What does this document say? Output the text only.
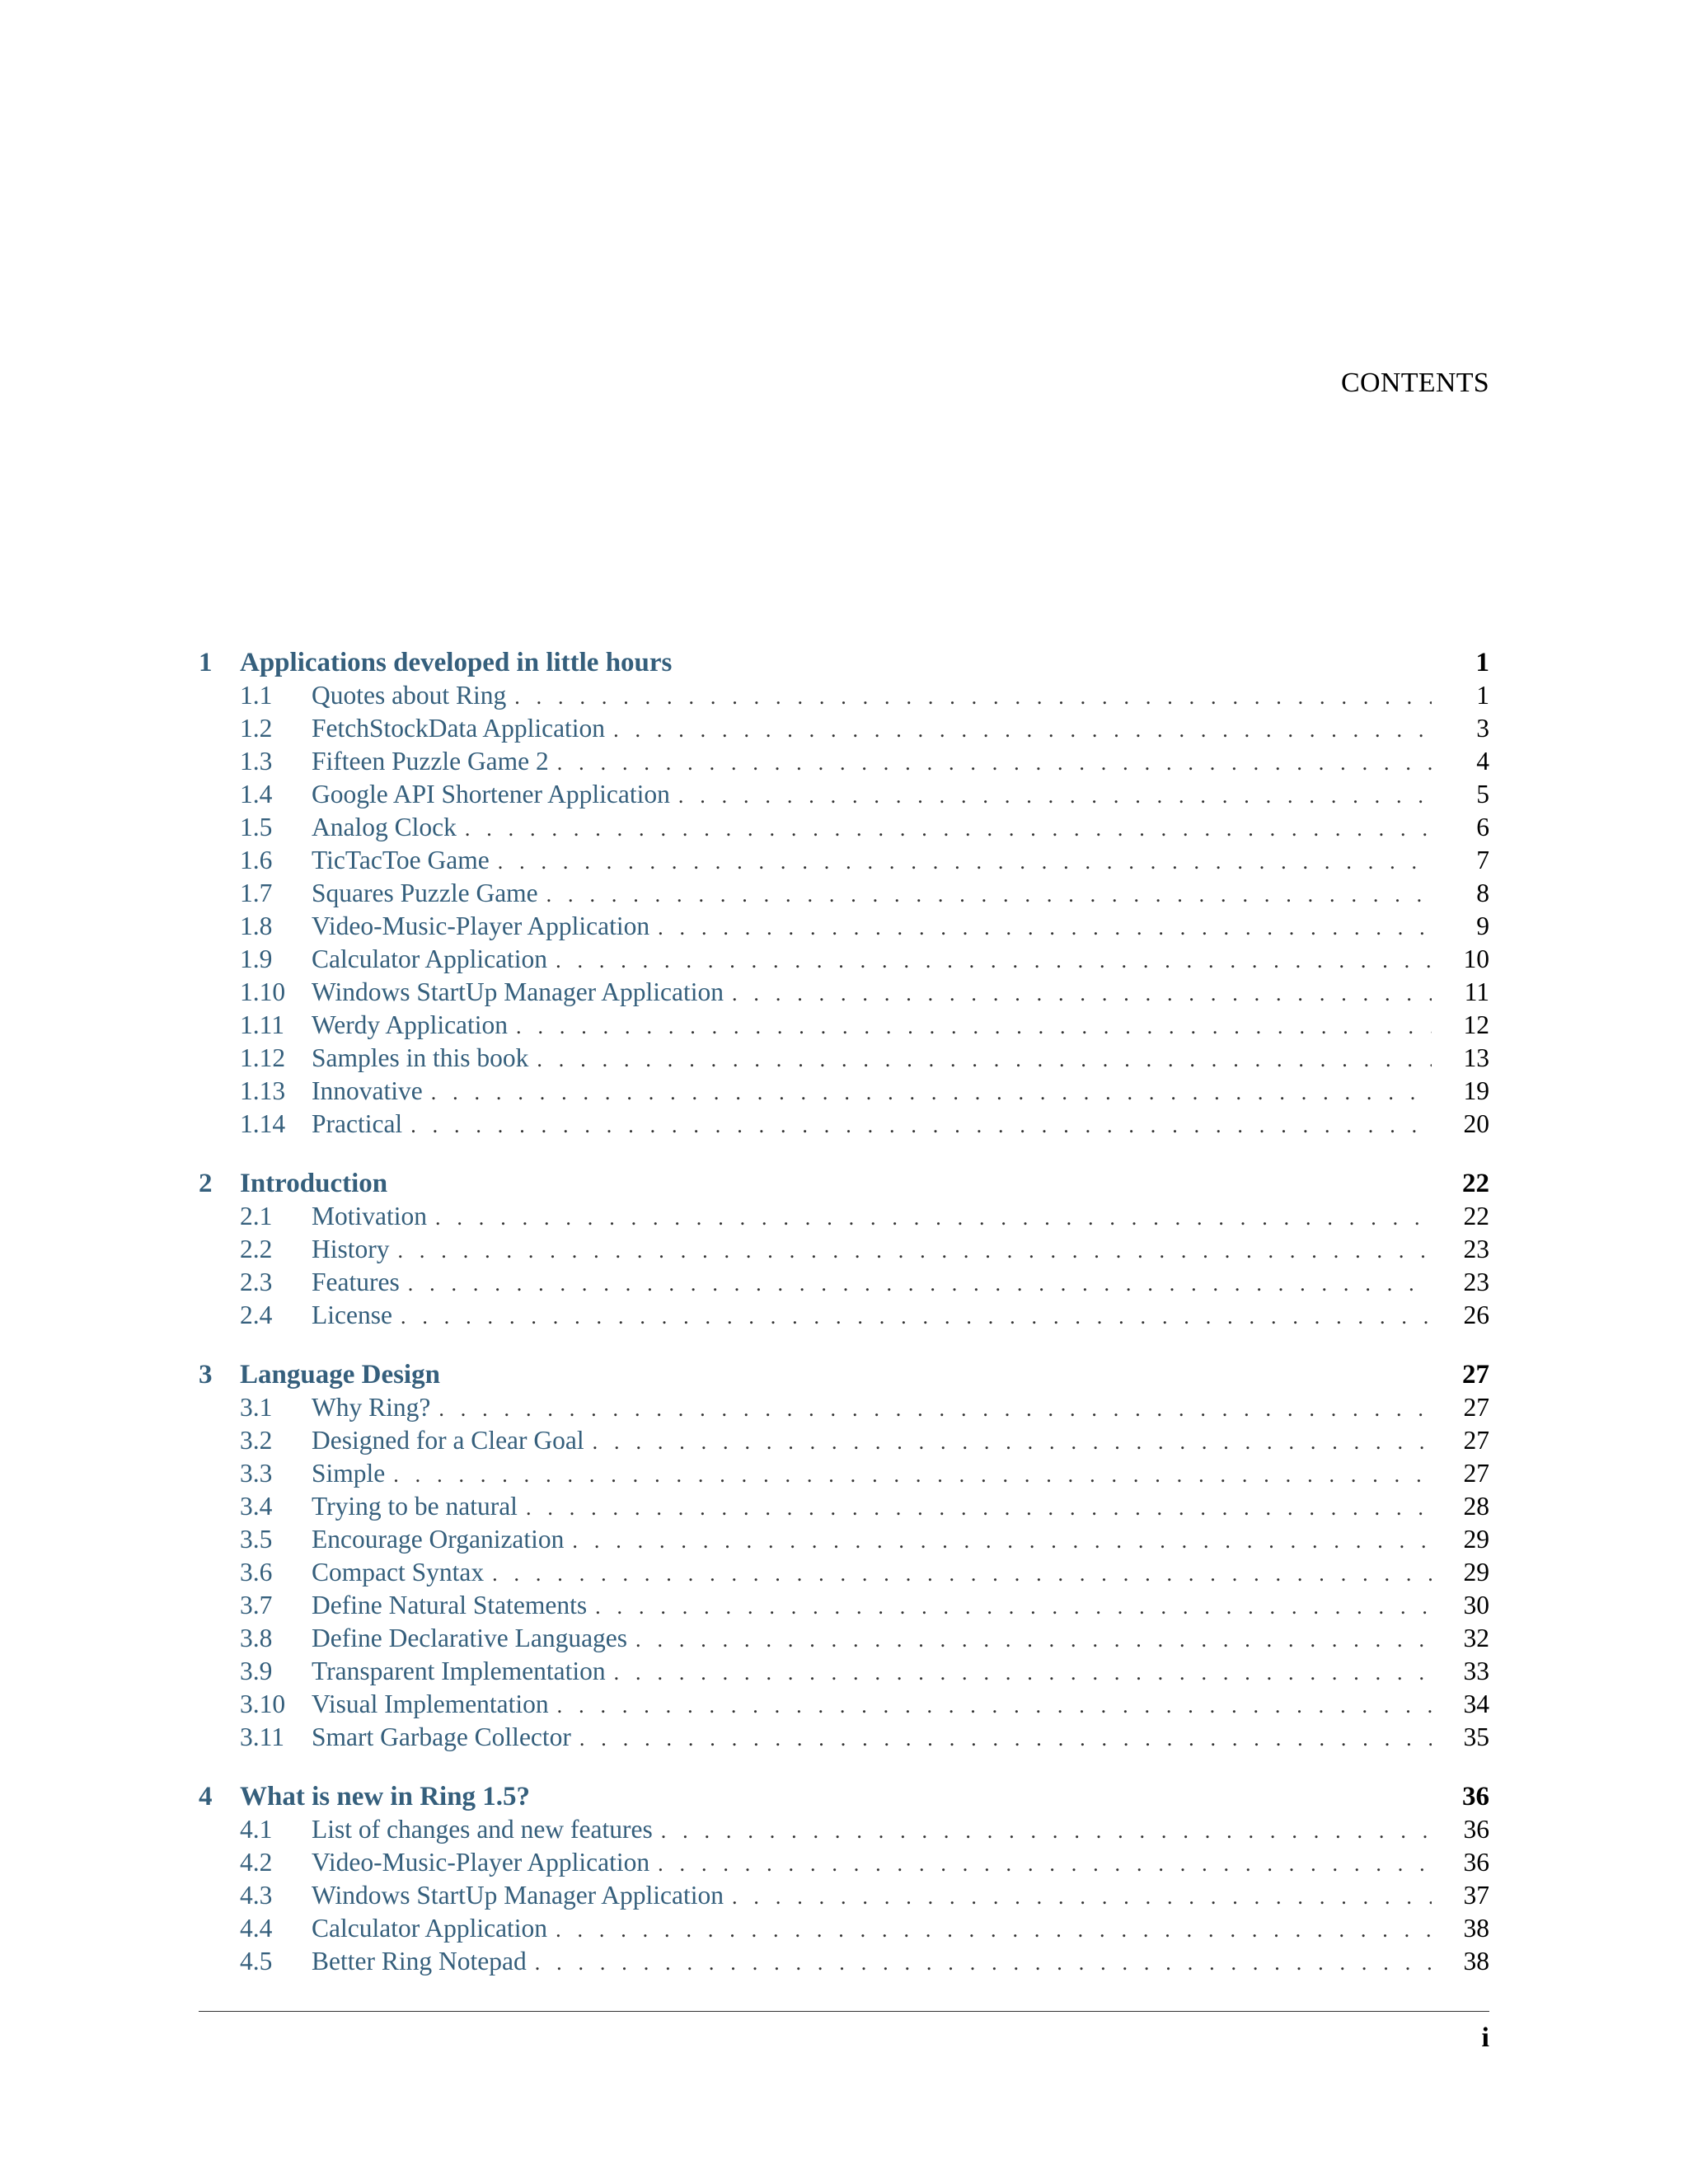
CONTENTS
1	Applications developed in little hours	1
1.1	Quotes about Ring . . .	1
1.2	FetchStockData Application . . .	3
1.3	Fifteen Puzzle Game 2 . . .	4
1.4	Google API Shortener Application . . .	5
1.5	Analog Clock . . .	6
1.6	TicTacToe Game . . .	7
1.7	Squares Puzzle Game . . .	8
1.8	Video-Music-Player Application . . .	9
1.9	Calculator Application . . .	10
1.10	Windows StartUp Manager Application . . .	11
1.11	Werdy Application . . .	12
1.12	Samples in this book . . .	13
1.13	Innovative . . .	19
1.14	Practical . . .	20
2	Introduction	22
2.1	Motivation . . .	22
2.2	History . . .	23
2.3	Features . . .	23
2.4	License . . .	26
3	Language Design	27
3.1	Why Ring? . . .	27
3.2	Designed for a Clear Goal . . .	27
3.3	Simple . . .	27
3.4	Trying to be natural . . .	28
3.5	Encourage Organization . . .	29
3.6	Compact Syntax . . .	29
3.7	Define Natural Statements . . .	30
3.8	Define Declarative Languages . . .	32
3.9	Transparent Implementation . . .	33
3.10	Visual Implementation . . .	34
3.11	Smart Garbage Collector . . .	35
4	What is new in Ring 1.5?	36
4.1	List of changes and new features . . .	36
4.2	Video-Music-Player Application . . .	36
4.3	Windows StartUp Manager Application . . .	37
4.4	Calculator Application . . .	38
4.5	Better Ring Notepad . . .	38
i
